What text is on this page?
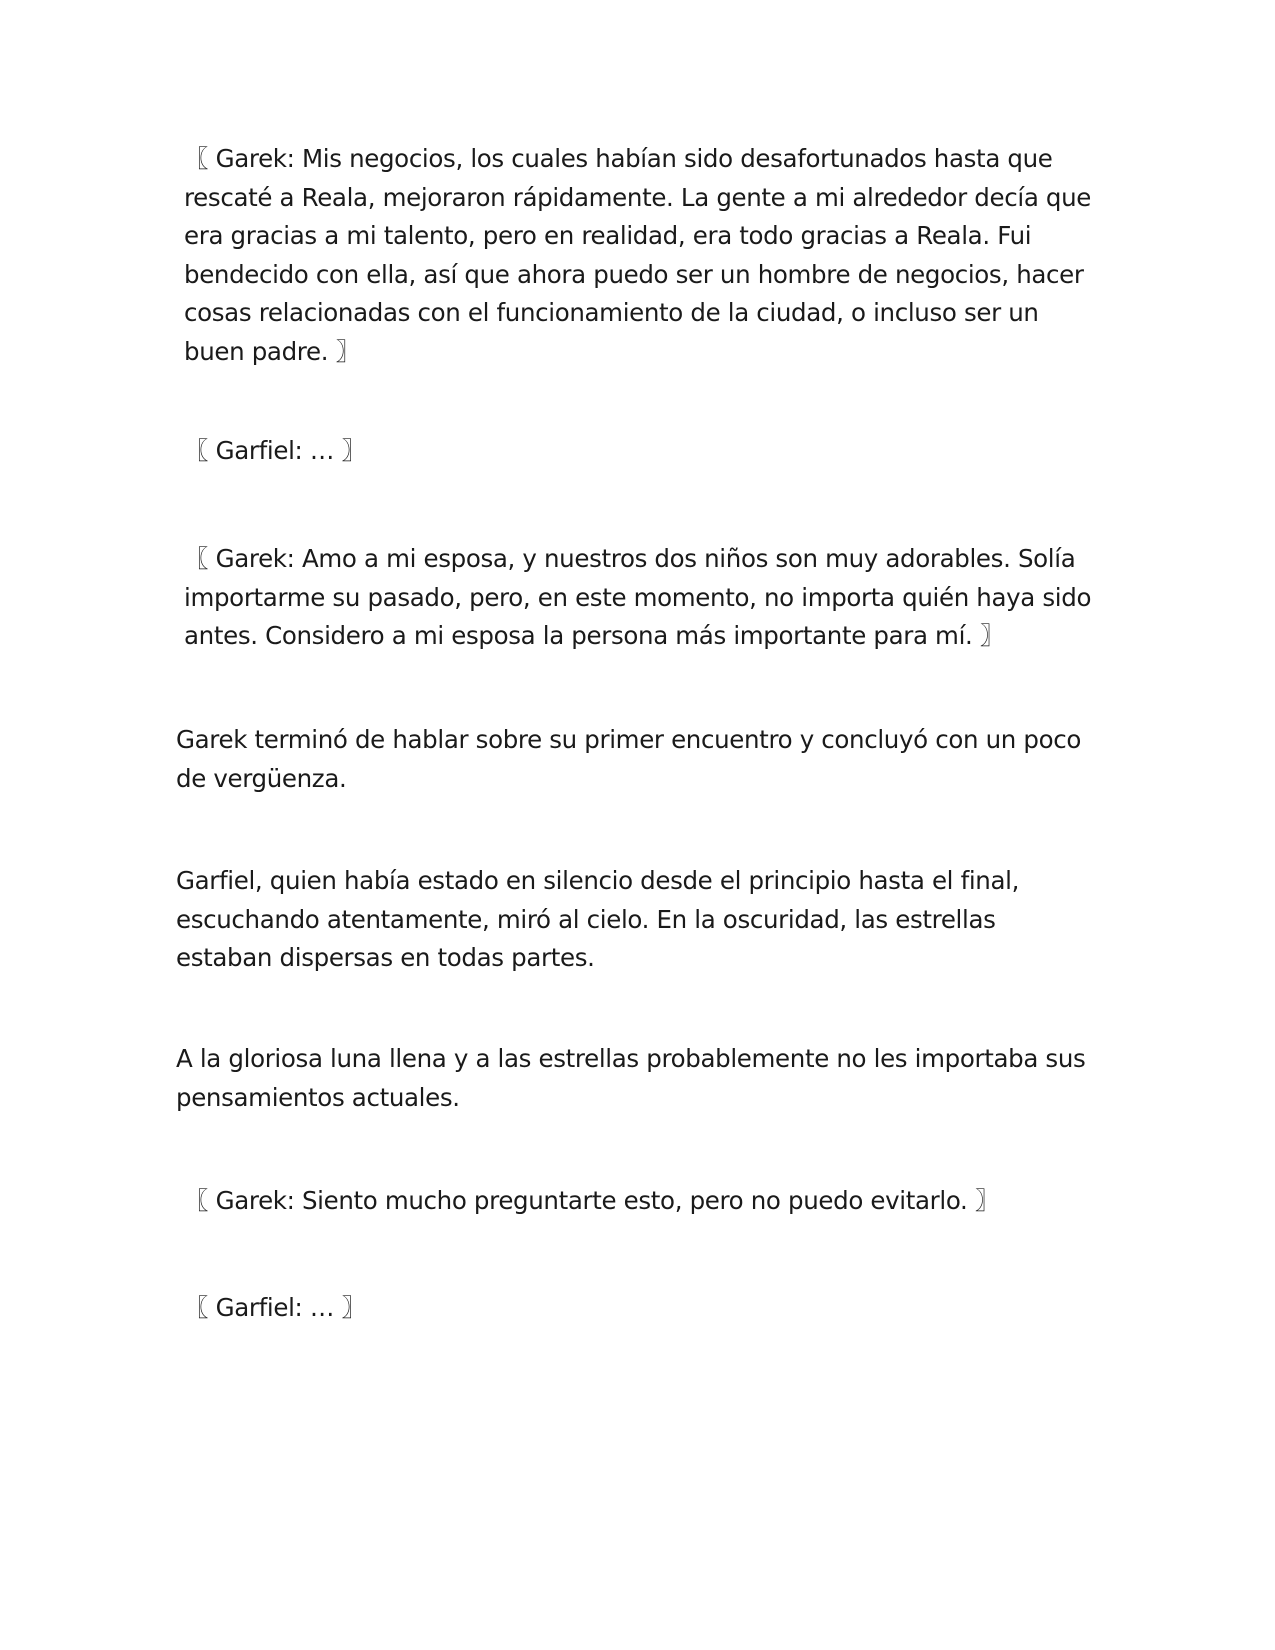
〖 Garek: Mis negocios, los cuales habían sido desafortunados hasta que rescaté a Reala, mejoraron rápidamente. La gente a mi alrededor decía que era gracias a mi talento, pero en realidad, era todo gracias a Reala. Fui bendecido con ella, así que ahora puedo ser un hombre de negocios, hacer cosas relacionadas con el funcionamiento de la ciudad, o incluso ser un buen padre. 〗

〖 Garfiel: … 〗

〖 Garek: Amo a mi esposa, y nuestros dos niños son muy adorables. Solía importarme su pasado, pero, en este momento, no importa quién haya sido antes. Considero a mi esposa la persona más importante para mí. 〗

Garek terminó de hablar sobre su primer encuentro y concluyó con un poco de vergüenza.

Garfiel, quien había estado en silencio desde el principio hasta el final, escuchando atentamente, miró al cielo. En la oscuridad, las estrellas estaban dispersas en todas partes.

A la gloriosa luna llena y a las estrellas probablemente no les importaba sus pensamientos actuales.

〖 Garek: Siento mucho preguntarte esto, pero no puedo evitarlo. 〗

〖 Garfiel: … 〗
